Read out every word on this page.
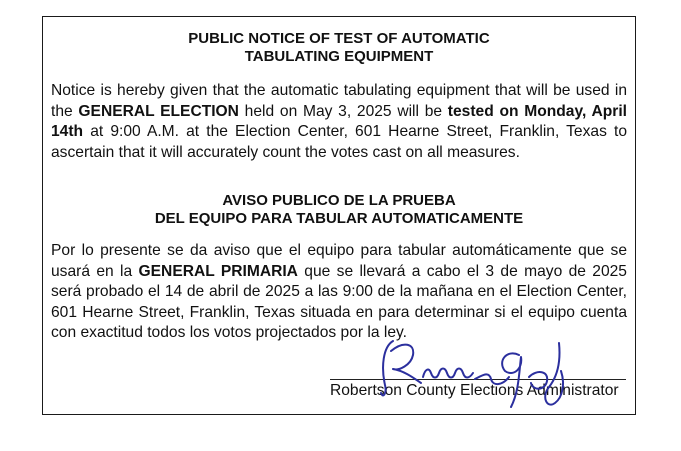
PUBLIC NOTICE OF TEST OF AUTOMATIC
TABULATING EQUIPMENT

Notice is hereby given that the automatic tabulating equipment that will be used in the GENERAL ELECTION held on May 3, 2025 will be tested on Monday, April 14th at 9:00 A.M. at the Election Center, 601 Hearne Street, Franklin, Texas to ascertain that it will accurately count the votes cast on all measures.

AVISO PUBLICO DE LA PRUEBA
DEL EQUIPO PARA TABULAR AUTOMATICAMENTE

Por lo presente se da aviso que el equipo para tabular automáticamente que se usará en la GENERAL PRIMARIA que se llevará a cabo el 3 de mayo de 2025 será probado el 14 de abril de 2025 a las 9:00 de la mañana en el Election Center, 601 Hearne Street, Franklin, Texas situada en para determinar si el equipo cuenta con exactitud todos los votos projectados por la ley.

Robertson County Elections Administrator
